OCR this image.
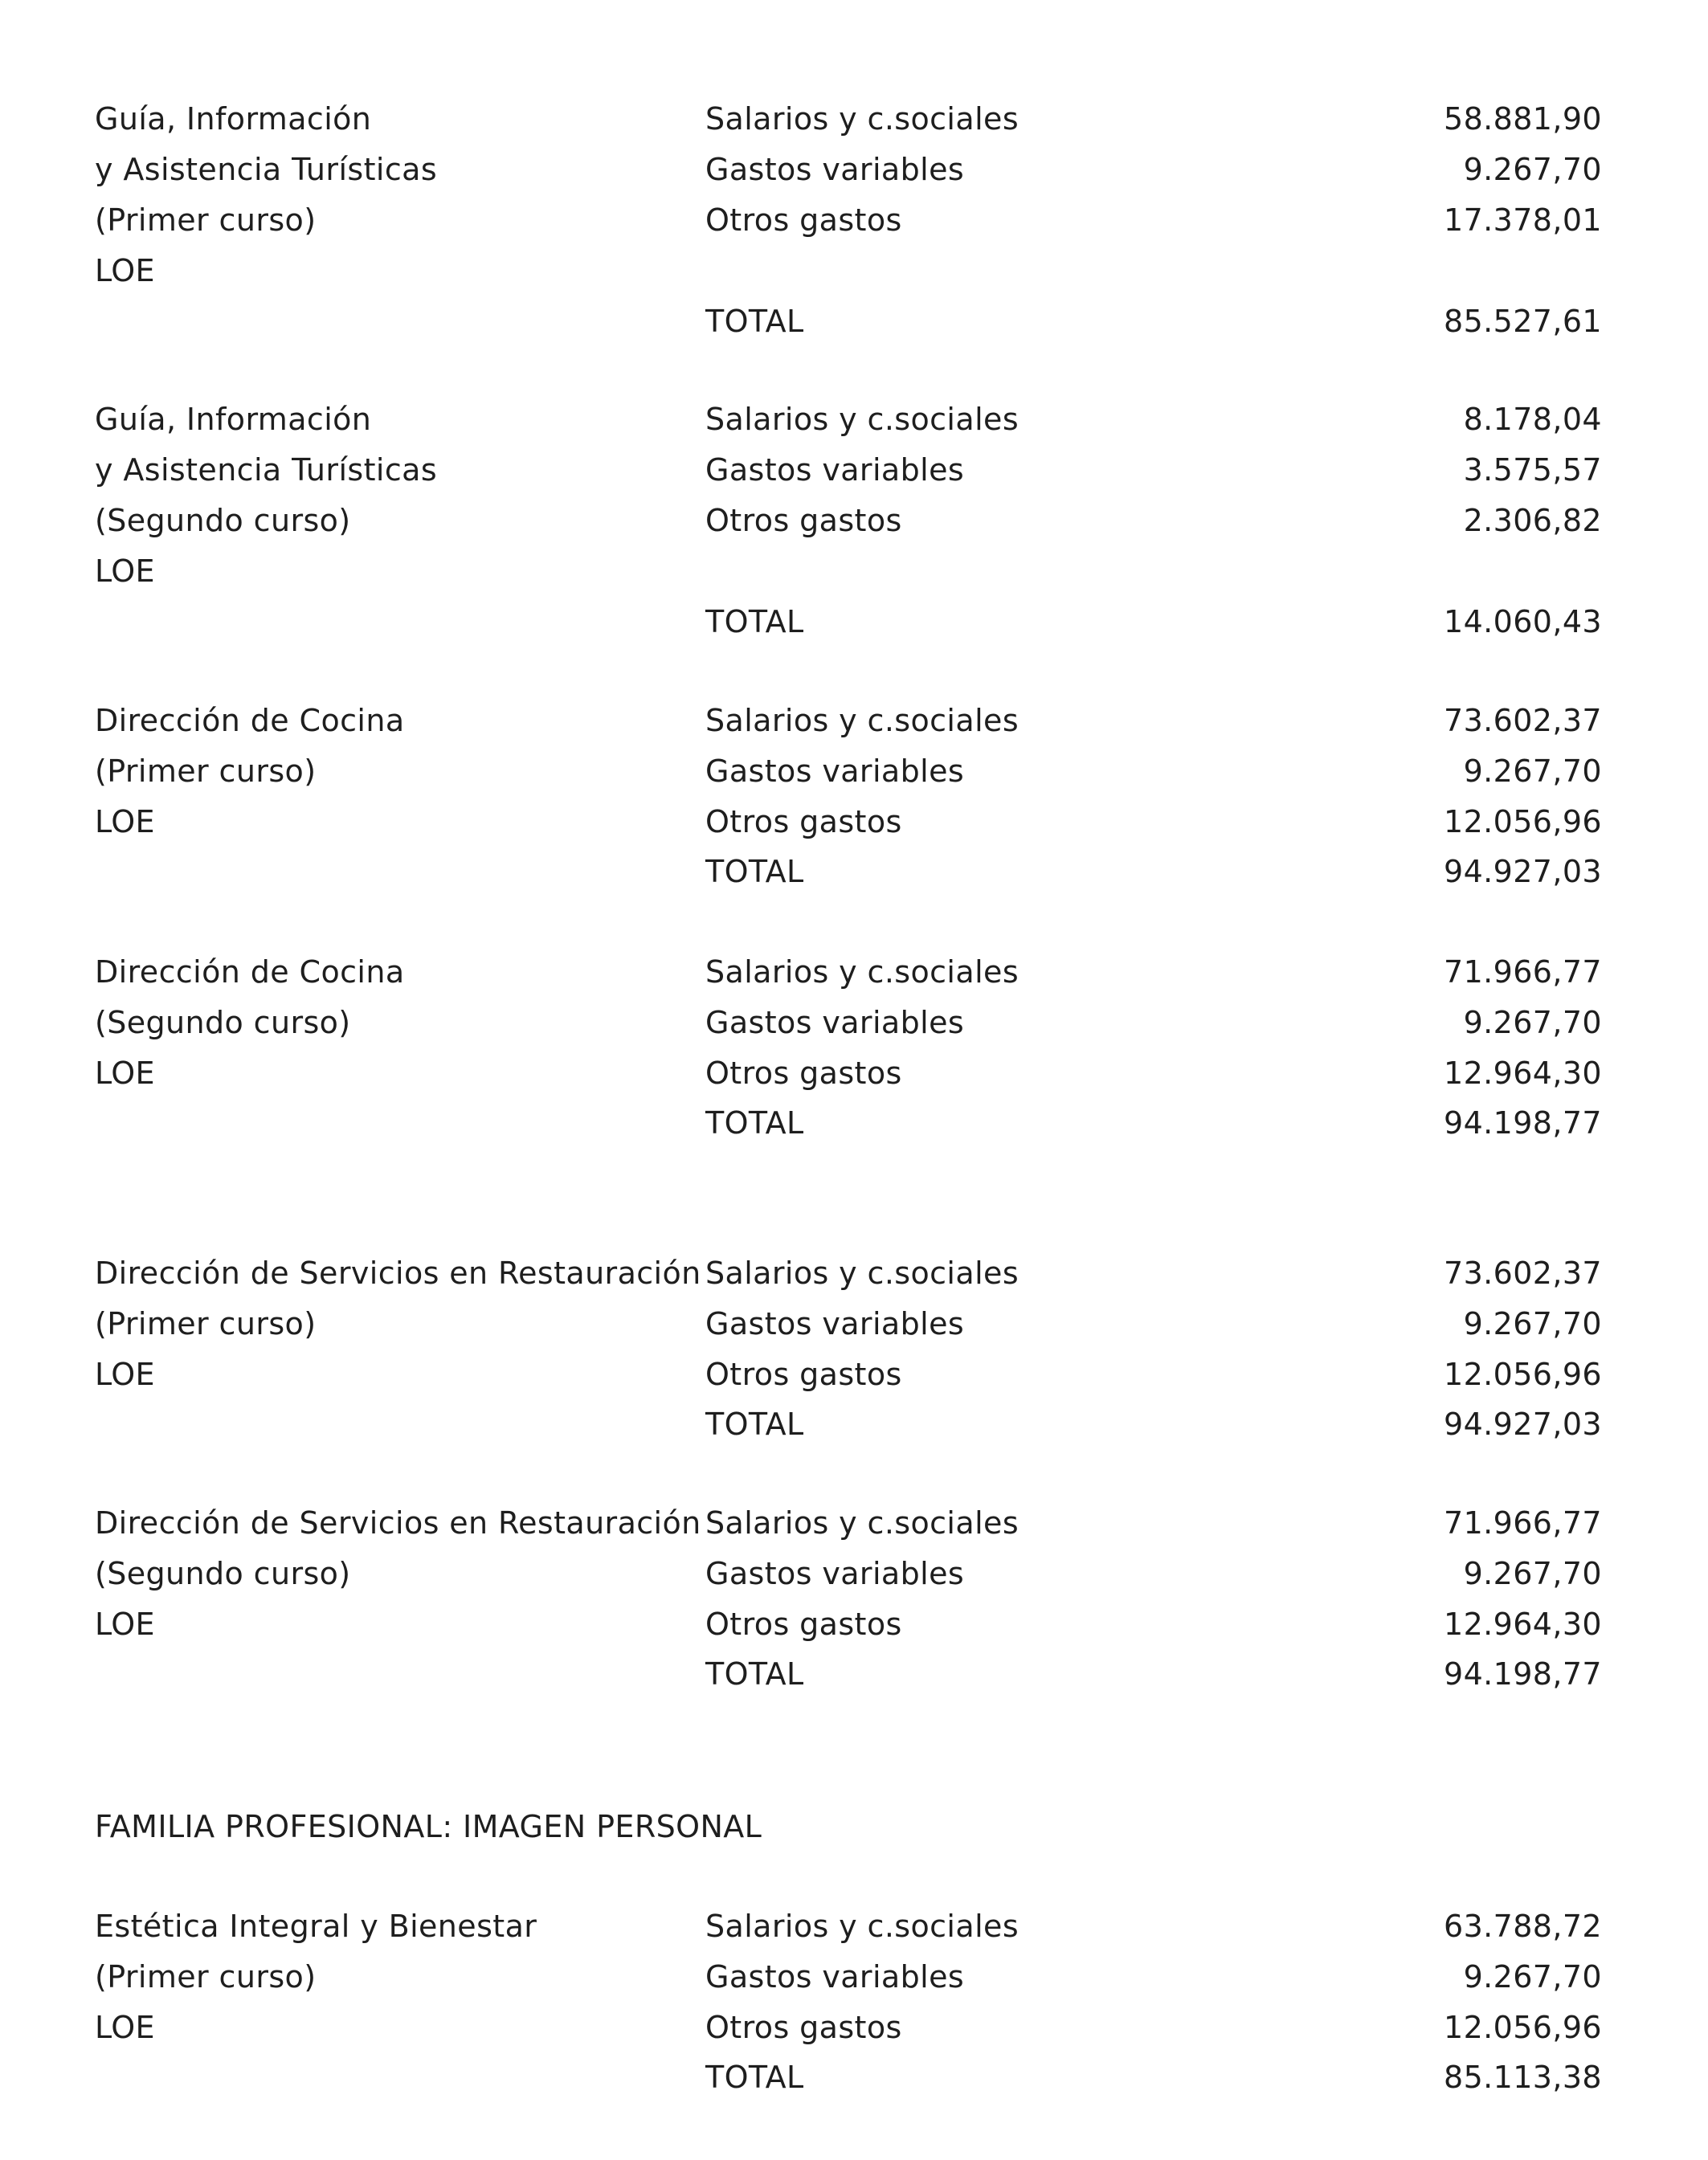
Guía, Información	Salarios y c.sociales	58.881,90
y Asistencia Turísticas	Gastos variables	9.267,70
(Primer curso)	Otros gastos	17.378,01
LOE
TOTAL	85.527,61
Guía, Información	Salarios y c.sociales	8.178,04
y Asistencia Turísticas	Gastos variables	3.575,57
(Segundo curso)	Otros gastos	2.306,82
LOE
TOTAL	14.060,43
Dirección de Cocina	Salarios y c.sociales	73.602,37
(Primer curso)	Gastos variables	9.267,70
LOE	Otros gastos	12.056,96
TOTAL	94.927,03
Dirección de Cocina	Salarios y c.sociales	71.966,77
(Segundo curso)	Gastos variables	9.267,70
LOE	Otros gastos	12.964,30
TOTAL	94.198,77
Dirección de Servicios en Restauración Salarios y c.sociales	73.602,37
(Primer curso)	Gastos variables	9.267,70
LOE	Otros gastos	12.056,96
TOTAL	94.927,03
Dirección de Servicios en Restauración Salarios y c.sociales	71.966,77
(Segundo curso)	Gastos variables	9.267,70
LOE	Otros gastos	12.964,30
TOTAL	94.198,77
FAMILIA PROFESIONAL: IMAGEN PERSONAL
Estética Integral y Bienestar	Salarios y c.sociales	63.788,72
(Primer curso)	Gastos variables	9.267,70
LOE	Otros gastos	12.056,96
TOTAL	85.113,38
